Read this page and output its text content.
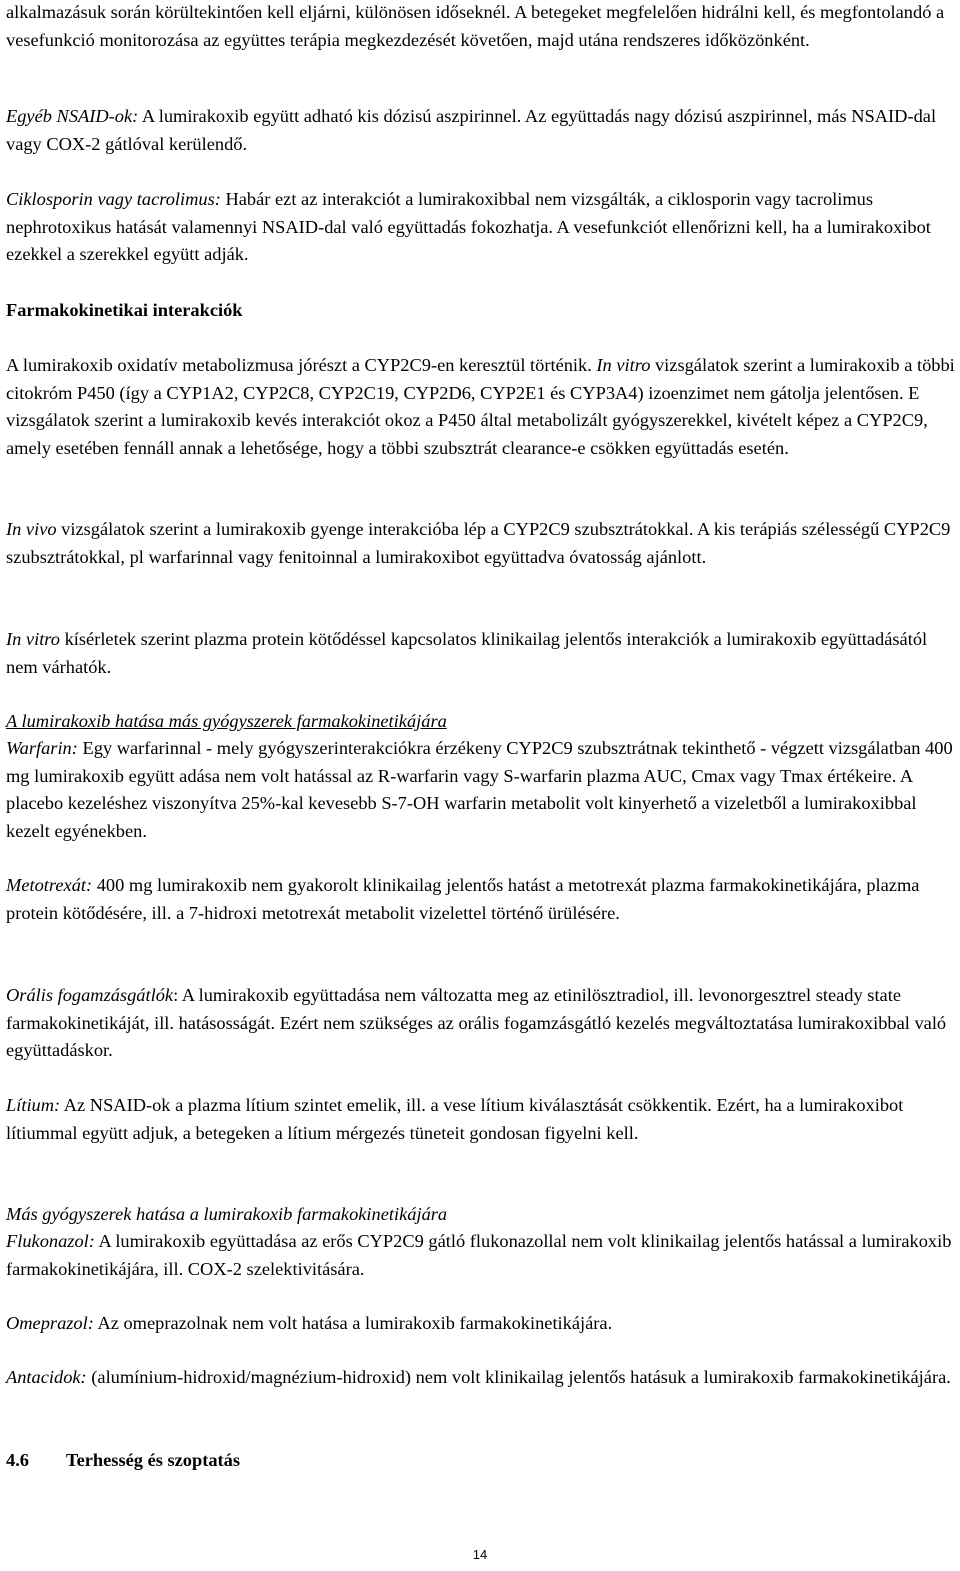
alkalmazásuk során körültekintően kell eljárni, különösen időseknél. A betegeket megfelelően hidrálni kell, és megfontolandó a vesefunkció monitorozása az együttes terápia megkezdezését követően, majd utána rendszeres időközönként.

Egyéb NSAID-ok: A lumirakoxib együtt adható kis dózisú aszpirinnel. Az együttadás nagy dózisú aszpirinnel, más NSAID-dal vagy COX-2 gátlóval kerülendő.

Ciklosporin vagy tacrolimus: Habár ezt az interakciót a lumirakoxibbal nem vizsgálták, a ciklosporin vagy tacrolimus nephrotoxikus hatását valamennyi NSAID-dal való együttadás fokozhatja. A vesefunkciót ellenőrizni kell, ha a lumirakoxibot ezekkel a szerekkel együtt adják.

Farmakokinetikai interakciók

A lumirakoxib oxidatív metabolizmusa jórészt a CYP2C9-en keresztül történik. In vitro vizsgálatok szerint a lumirakoxib a többi citokróm P450 (így a CYP1A2, CYP2C8, CYP2C19, CYP2D6, CYP2E1 és CYP3A4) izoenzimet nem gátolja jelentősen. E vizsgálatok szerint a lumirakoxib kevés interakciót okoz a P450 által metabolizált gyógyszerekkel, kivételt képez a CYP2C9, amely esetében fennáll annak a lehetősége, hogy a többi szubsztrát clearance-e csökken együttadás esetén.

In vivo vizsgálatok szerint a lumirakoxib gyenge interakcióba lép a CYP2C9 szubsztrátokkal. A kis terápiás szélességű CYP2C9 szubsztrátokkal, pl warfarinnal vagy fenitoinnal a lumirakoxibot együttadva óvatosság ajánlott.

In vitro kísérletek szerint plazma protein kötődéssel kapcsolatos klinikailag jelentős interakciók a lumirakoxib együttadásától nem várhatók.

A lumirakoxib hatása más gyógyszerek farmakokinetikájára

Warfarin: Egy warfarinnal - mely gyógyszerinterakciókra érzékeny CYP2C9 szubsztrátnak tekinthető - végzett vizsgálatban 400 mg lumirakoxib együtt adása nem volt hatással az R-warfarin vagy S-warfarin plazma AUC, Cmax vagy Tmax értékeire. A placebo kezeléshez viszonyítva 25%-kal kevesebb S-7-OH warfarin metabolit volt kinyerhető a vizeletből a lumirakoxibbal kezelt egyénekben.

Metotrexát: 400 mg lumirakoxib nem gyakorolt klinikailag jelentős hatást a metotrexát plazma farmakokinetikájára, plazma protein kötődésére, ill. a 7-hidroxi metotrexát metabolit vizelettel történő ürülésére.

Orális fogamzásgátlók: A lumirakoxib együttadása nem változatta meg az etinilösztradiol, ill. levonorgesztrel steady state farmakokinetikáját, ill. hatásosságát. Ezért nem szükséges az orális fogamzásgátló kezelés megváltoztatása lumirakoxibbal való együttadáskor.

Lítium: Az NSAID-ok a plazma lítium szintet emelik, ill. a vese lítium kiválasztását csökkentik. Ezért, ha a lumirakoxibot lítiummal együtt adjuk, a betegeken a lítium mérgezés tüneteit gondosan figyelni kell.

Más gyógyszerek hatása a lumirakoxib farmakokinetikájára

Flukonazol: A lumirakoxib együttadása az erős CYP2C9 gátló flukonazollal nem volt klinikailag jelentős hatással a lumirakoxib farmakokinetikájára, ill. COX-2 szelektivitására.

Omeprazol: Az omeprazolnak nem volt hatása a lumirakoxib farmakokinetikájára.

Antacidok: (alumínium-hidroxid/magnézium-hidroxid) nem volt klinikailag jelentős hatásuk a lumirakoxib farmakokinetikájára.

4.6 Terhesség és szoptatás

14
